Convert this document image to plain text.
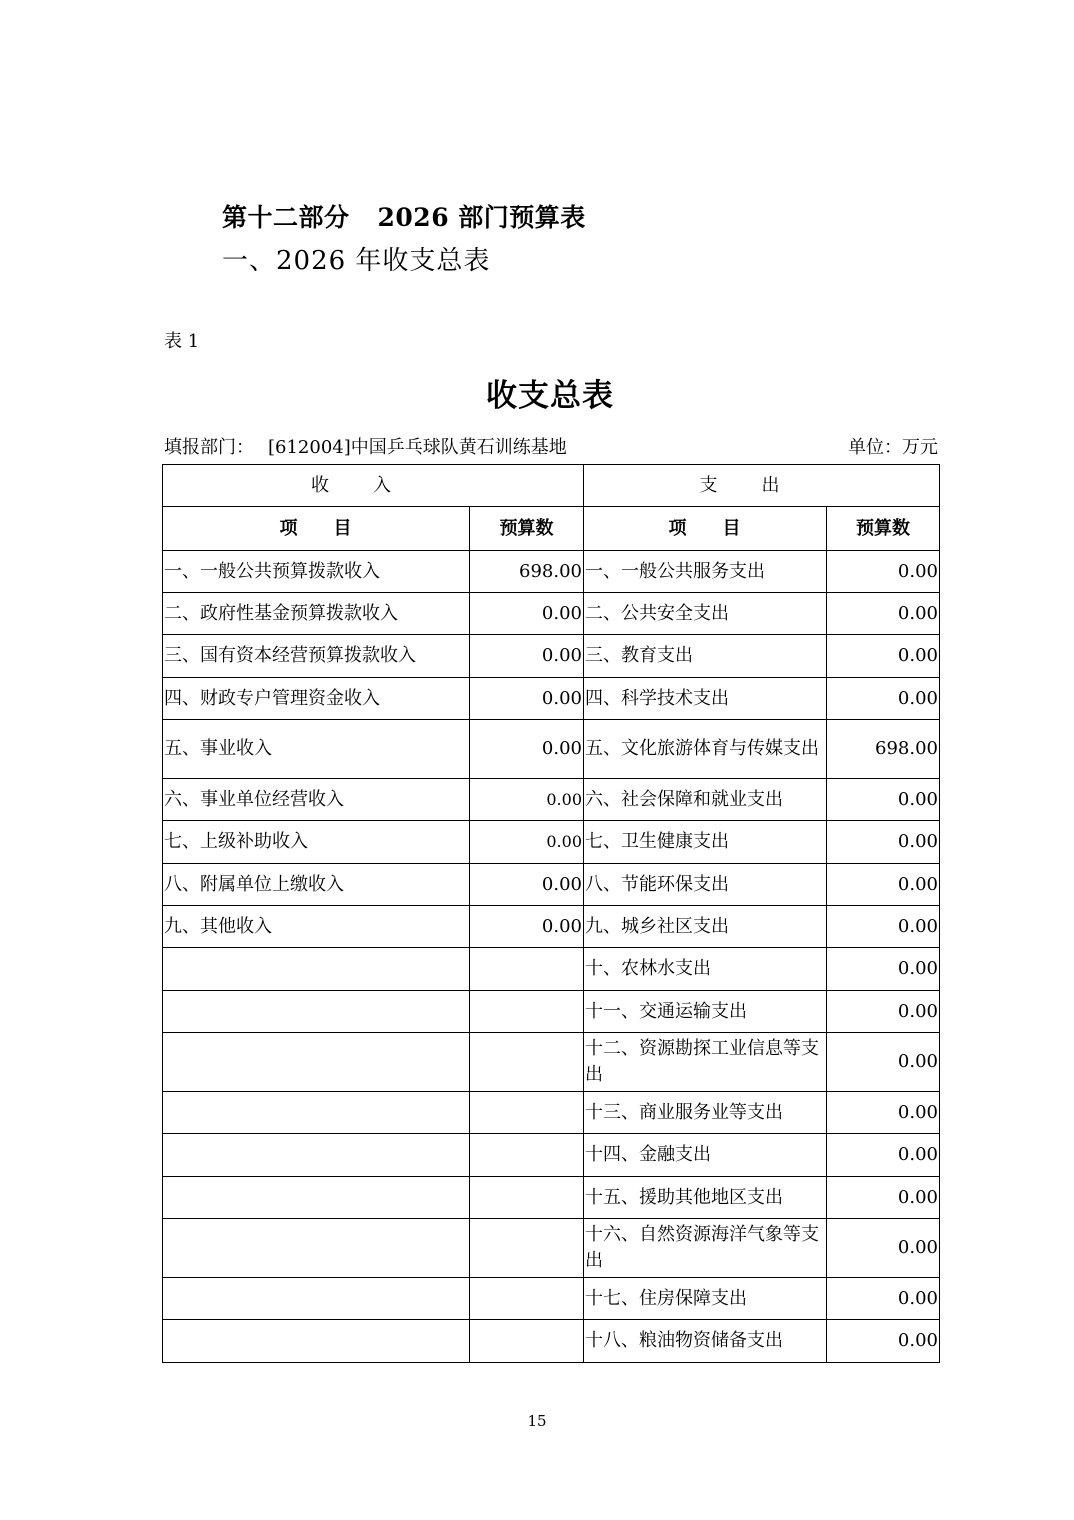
第十二部分 2026 部门预算表
一、2026 年收支总表
表 1
收支总表
填报部门： [612004]中国乒乓球队黄石训练基地	单位：万元
收入		支出	
项目	预算数	项目	预算数
一、一般公共预算拨款收入	698.00	一、一般公共服务支出	0.00
二、政府性基金预算拨款收入	0.00	二、公共安全支出	0.00
三、国有资本经营预算拨款收入	0.00	三、教育支出	0.00
四、财政专户管理资金收入	0.00	四、科学技术支出	0.00
五、事业收入	0.00	五、文化旅游体育与传媒支出	698.00
六、事业单位经营收入	0.00	六、社会保障和就业支出	0.00
七、上级补助收入	0.00	七、卫生健康支出	0.00
八、附属单位上缴收入	0.00	八、节能环保支出	0.00
九、其他收入	0.00	九、城乡社区支出	0.00
		十、农林水支出	0.00
		十一、交通运输支出	0.00
		十二、资源勘探工业信息等支出	0.00
		十三、商业服务业等支出	0.00
		十四、金融支出	0.00
		十五、援助其他地区支出	0.00
		十六、自然资源海洋气象等支出	0.00
		十七、住房保障支出	0.00
		十八、粮油物资储备支出	0.00
15
